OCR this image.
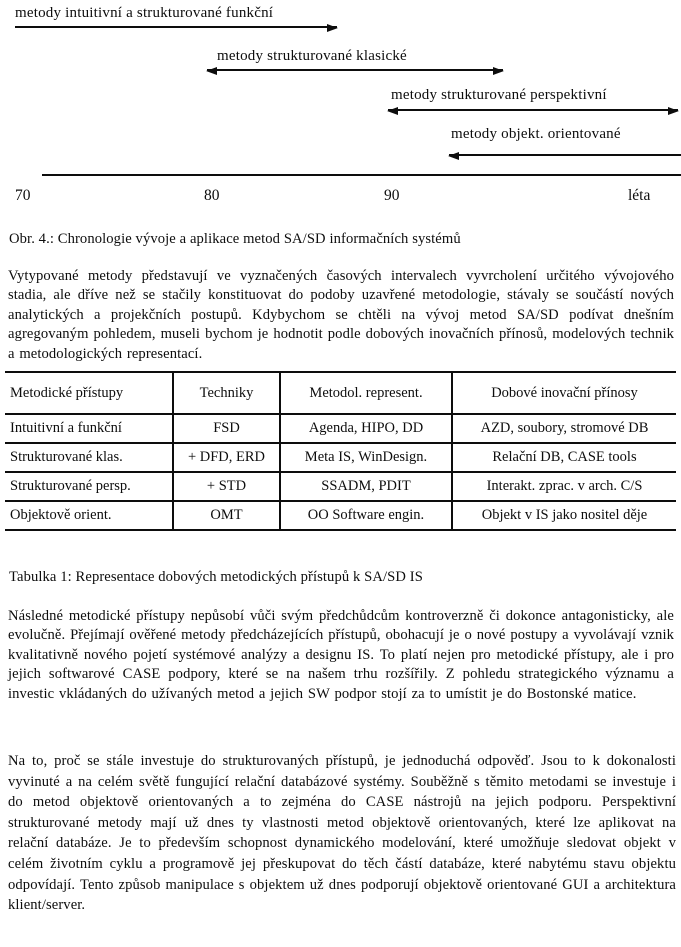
metody intuitivní a strukturované funkční
metody strukturované klasické
metody strukturované perspektivní
metody objekt. orientované
70	80	90	léta
Obr. 4.: Chronologie vývoje a aplikace metod SA/SD informačních systémů
Vytypované metody představují ve vyznačených časových intervalech vyvrcholení určitého vývojového stadia, ale dříve než se stačily konstituovat do podoby uzavřené metodologie, stávaly se součástí nových analytických a projekčních postupů. Kdybychom se chtěli na vývoj metod SA/SD podívat dnešním agregovaným pohledem, museli bychom je hodnotit podle dobových inovačních přínosů, modelových technik a metodologických representací.
Metodické přístupy	Techniky	Metodol. represent.	Dobové inovační přínosy
Intuitivní a funkční	FSD	Agenda, HIPO, DD	AZD, soubory, stromové DB
Strukturované klas.	+ DFD, ERD	Meta IS, WinDesign.	Relační DB, CASE tools
Strukturované persp.	+ STD	SSADM, PDIT	Interakt. zprac. v arch. C/S
Objektově orient.	OMT	OO Software engin.	Objekt v IS jako nositel děje
Tabulka 1: Representace dobových metodických přístupů k SA/SD IS
Následné metodické přístupy nepůsobí vůči svým předchůdcům kontroverzně či dokonce antagonisticky, ale evolučně. Přejímají ověřené metody předcházejících přístupů, obohacují je o nové postupy a vyvolávají vznik kvalitativně nového pojetí systémové analýzy a designu IS. To platí nejen pro metodické přístupy, ale i pro jejich softwarové CASE podpory, které se na našem trhu rozšířily. Z pohledu strategického významu a investic vkládaných do užívaných metod a jejich SW podpor stojí za to umístit je do Bostonské matice.
Na to, proč se stále investuje do strukturovaných přístupů, je jednoduchá odpověď. Jsou to k dokonalosti vyvinuté a na celém světě fungující relační databázové systémy. Souběžně s těmito metodami se investuje i do metod objektově orientovaných a to zejména do CASE nástrojů na jejich podporu. Perspektivní strukturované metody mají už dnes ty vlastnosti metod objektově orientovaných, které lze aplikovat na relační databáze. Je to především schopnost dynamického modelování, které umožňuje sledovat objekt v celém životním cyklu a programově jej přeskupovat do těch částí databáze, které nabytému stavu objektu odpovídají. Tento způsob manipulace s objektem už dnes podporují objektově orientované GUI a architektura klient/server.
